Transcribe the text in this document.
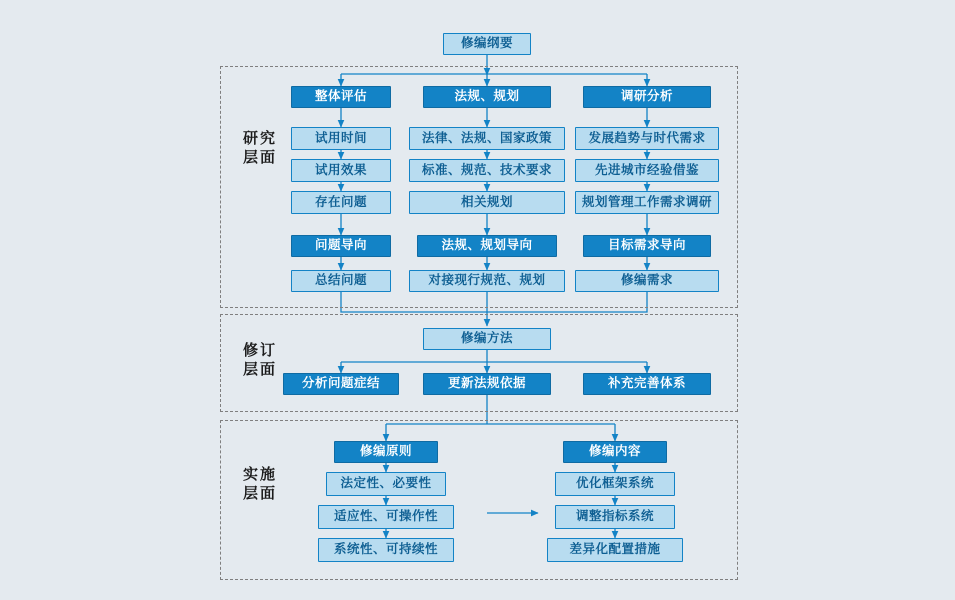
研究
层面
修订
层面
实施
层面
修编纲要
整体评估	法规、规划	调研分析
试用时间
试用效果
存在问题
法律、法规、国家政策
标准、规范、技术要求
相关规划
发展趋势与时代需求
先进城市经验借鉴
规划管理工作需求调研
问题导向	法规、规划导向	目标需求导向
总结问题	对接现行规范、规划	修编需求
修编方法
分析问题症结	更新法规依据	补充完善体系
修编原则	修编内容
法定性、必要性
适应性、可操作性
系统性、可持续性
优化框架系统
调整指标系统
差异化配置措施
